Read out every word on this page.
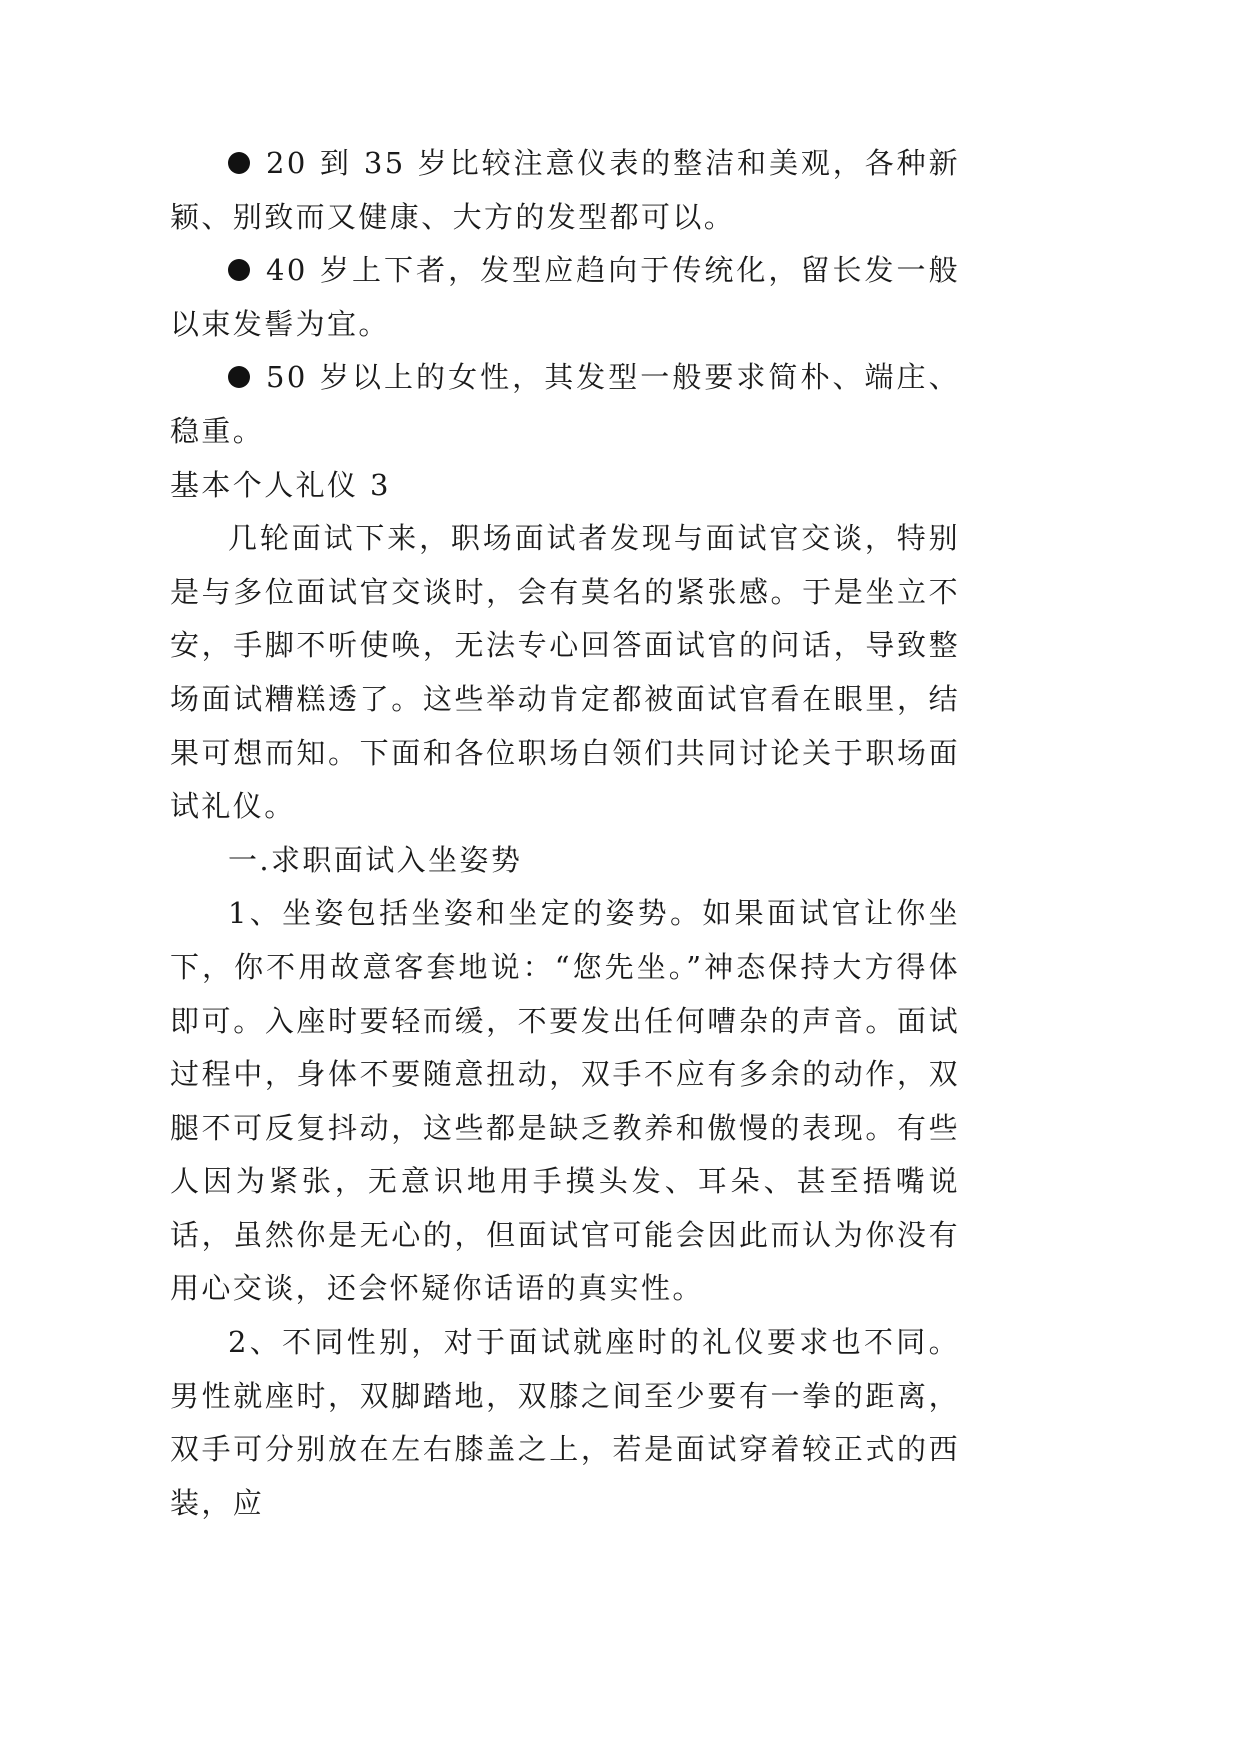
20 到 35 岁比较注意仪表的整洁和美观，各种新颖、别致而又健康、大方的发型都可以。

40 岁上下者，发型应趋向于传统化，留长发一般以束发髻为宜。

50 岁以上的女性，其发型一般要求简朴、端庄、稳重。

基本个人礼仪 3

几轮面试下来，职场面试者发现与面试官交谈，特别是与多位面试官交谈时，会有莫名的紧张感。于是坐立不安，手脚不听使唤，无法专心回答面试官的问话，导致整场面试糟糕透了。这些举动肯定都被面试官看在眼里，结果可想而知。下面和各位职场白领们共同讨论关于职场面试礼仪。

一.求职面试入坐姿势

1、坐姿包括坐姿和坐定的姿势。如果面试官让你坐下，你不用故意客套地说：“您先坐。”神态保持大方得体即可。入座时要轻而缓，不要发出任何嘈杂的声音。面试过程中，身体不要随意扭动，双手不应有多余的动作，双腿不可反复抖动，这些都是缺乏教养和傲慢的表现。有些人因为紧张，无意识地用手摸头发、耳朵、甚至捂嘴说话，虽然你是无心的，但面试官可能会因此而认为你没有用心交谈，还会怀疑你话语的真实性。

2、不同性别，对于面试就座时的礼仪要求也不同。男性就座时，双脚踏地，双膝之间至少要有一拳的距离，双手可分别放在左右膝盖之上，若是面试穿着较正式的西装，应
